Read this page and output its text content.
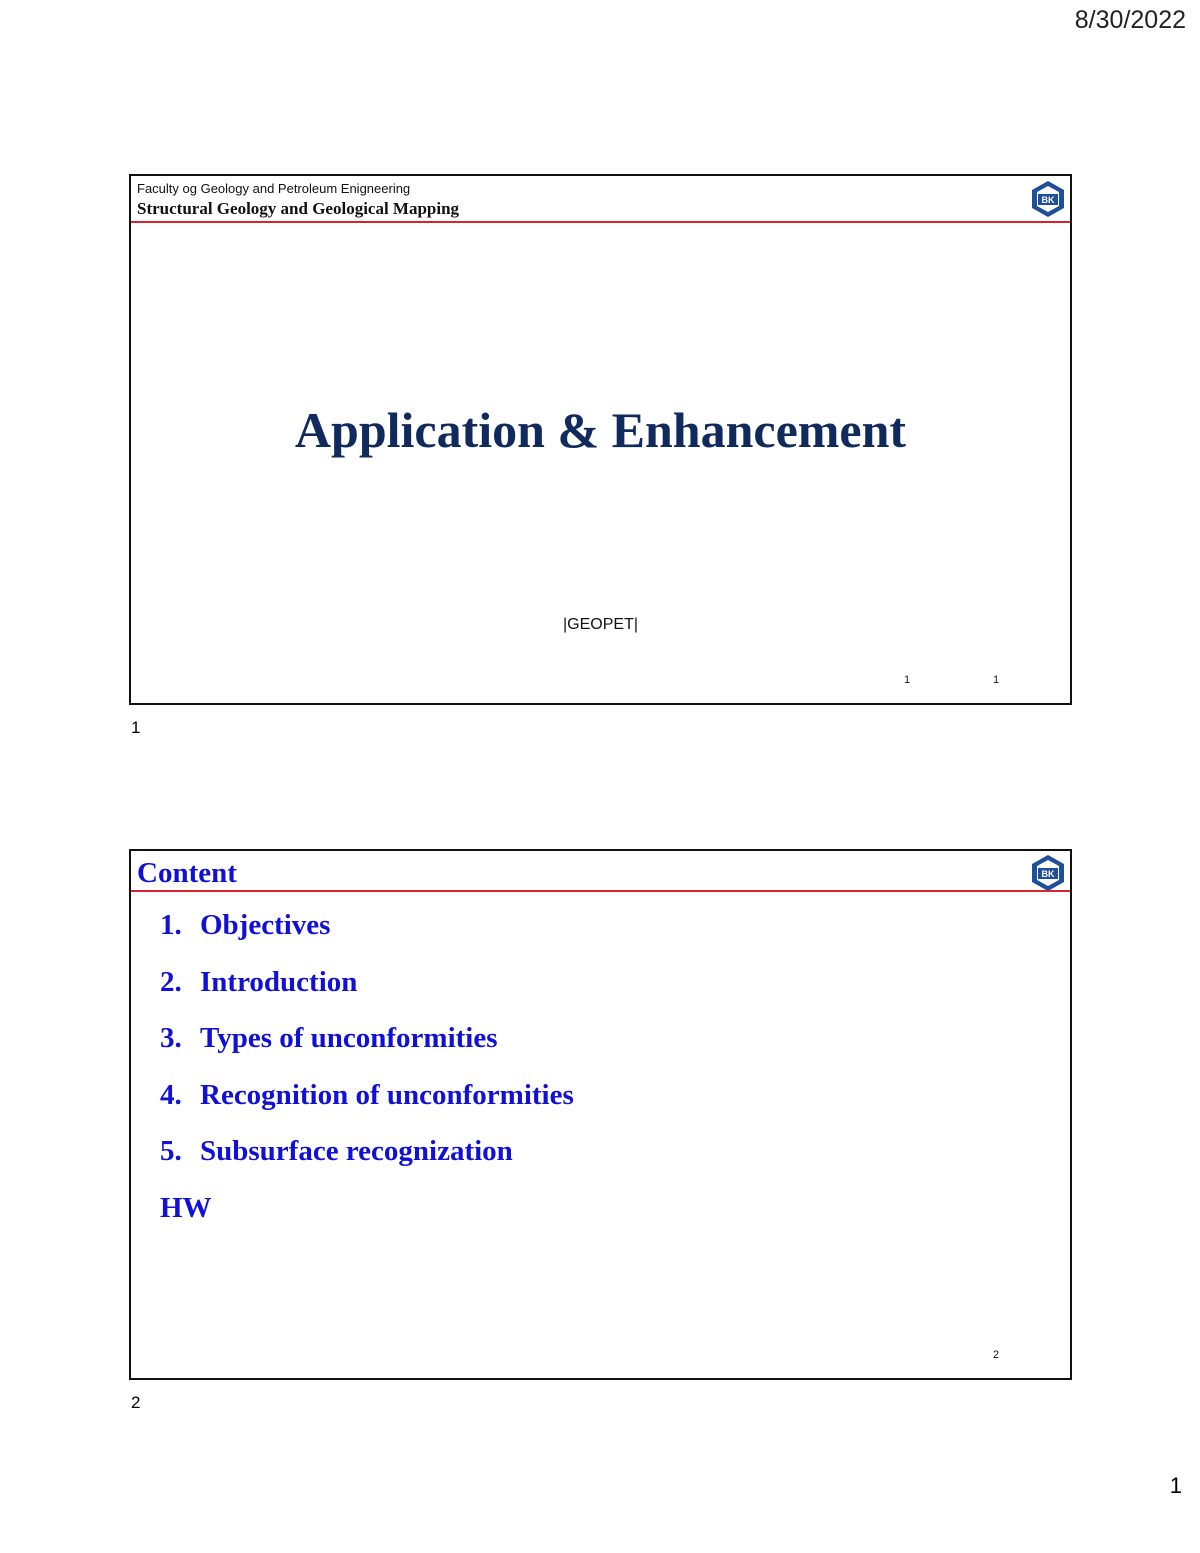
8/30/2022
Faculty og Geology and Petroleum Enigneering
Structural Geology and Geological Mapping	BK
Application & Enhancement
|GEOPET|
1	1
1
Content	BK
1. Objectives
2. Introduction
3. Types of unconformities
4. Recognition of unconformities
5. Subsurface recognization
HW
2
2
1
